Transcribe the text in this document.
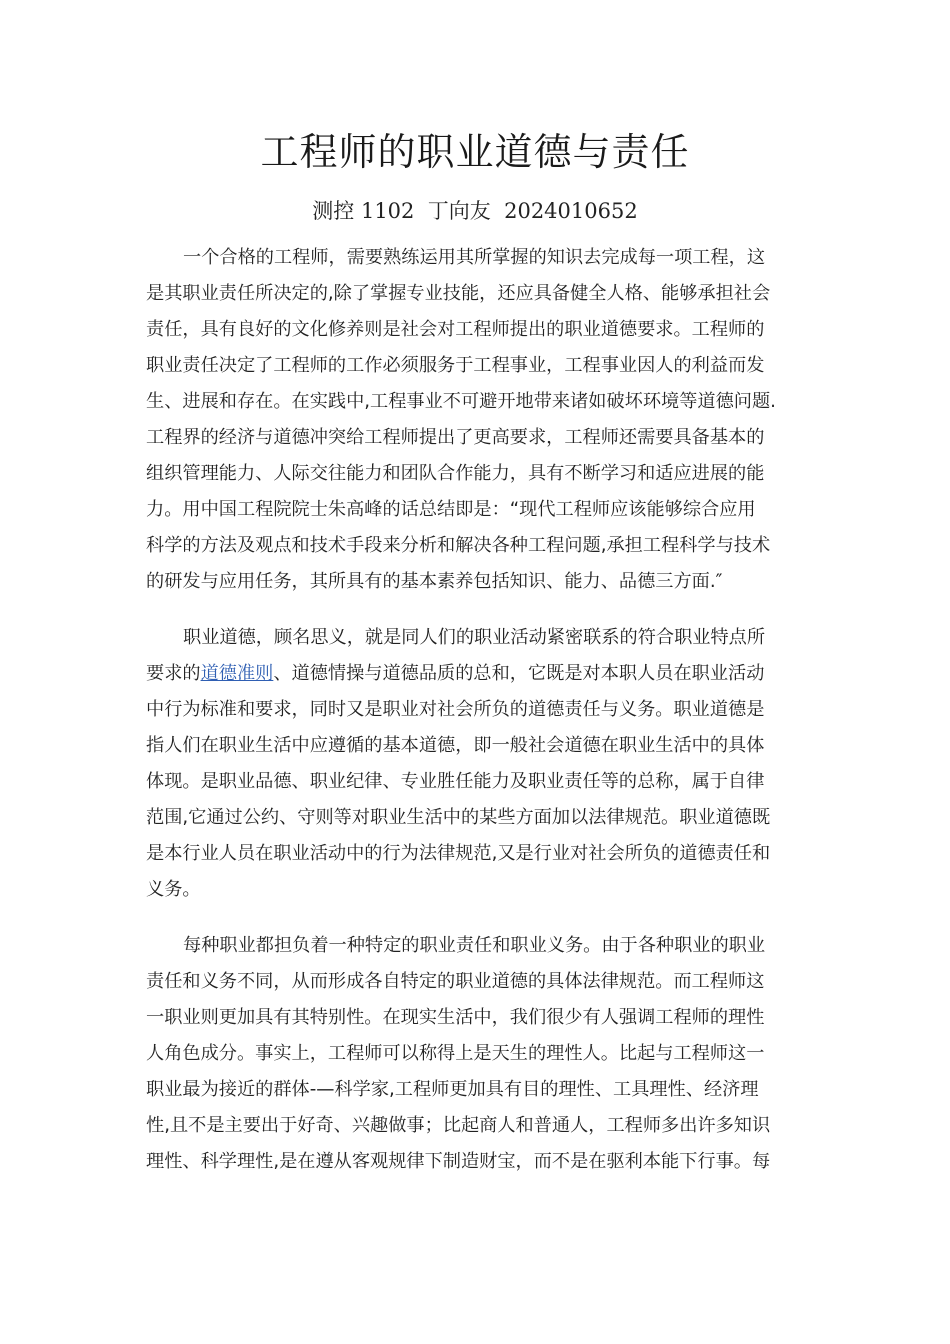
工程师的职业道德与责任
测控 1102  丁向友  2024010652
一个合格的工程师，需要熟练运用其所掌握的知识去完成每一项工程，这
是其职业责任所决定的,除了掌握专业技能，还应具备健全人格、能够承担社会
责任，具有良好的文化修养则是社会对工程师提出的职业道德要求。工程师的
职业责任决定了工程师的工作必须服务于工程事业，工程事业因人的利益而发
生、进展和存在。在实践中,工程事业不可避开地带来诸如破坏环境等道德问题.
工程界的经济与道德冲突给工程师提出了更高要求，工程师还需要具备基本的
组织管理能力、人际交往能力和团队合作能力，具有不断学习和适应进展的能
力。用中国工程院院士朱高峰的话总结即是：“现代工程师应该能够综合应用
科学的方法及观点和技术手段来分析和解决各种工程问题,承担工程科学与技术
的研发与应用任务，其所具有的基本素养包括知识、能力、品德三方面.″
职业道德，顾名思义，就是同人们的职业活动紧密联系的符合职业特点所
要求的道德准则、道德情操与道德品质的总和，它既是对本职人员在职业活动
中行为标准和要求，同时又是职业对社会所负的道德责任与义务。职业道德是
指人们在职业生活中应遵循的基本道德，即一般社会道德在职业生活中的具体
体现。是职业品德、职业纪律、专业胜任能力及职业责任等的总称，属于自律
范围,它通过公约、守则等对职业生活中的某些方面加以法律规范。职业道德既
是本行业人员在职业活动中的行为法律规范,又是行业对社会所负的道德责任和
义务。
每种职业都担负着一种特定的职业责任和职业义务。由于各种职业的职业
责任和义务不同，从而形成各自特定的职业道德的具体法律规范。而工程师这
一职业则更加具有其特别性。在现实生活中，我们很少有人强调工程师的理性
人角色成分。事实上，工程师可以称得上是天生的理性人。比起与工程师这一
职业最为接近的群体-—科学家,工程师更加具有目的理性、工具理性、经济理
性,且不是主要出于好奇、兴趣做事；比起商人和普通人，工程师多出许多知识
理性、科学理性,是在遵从客观规律下制造财宝，而不是在驱利本能下行事。每
